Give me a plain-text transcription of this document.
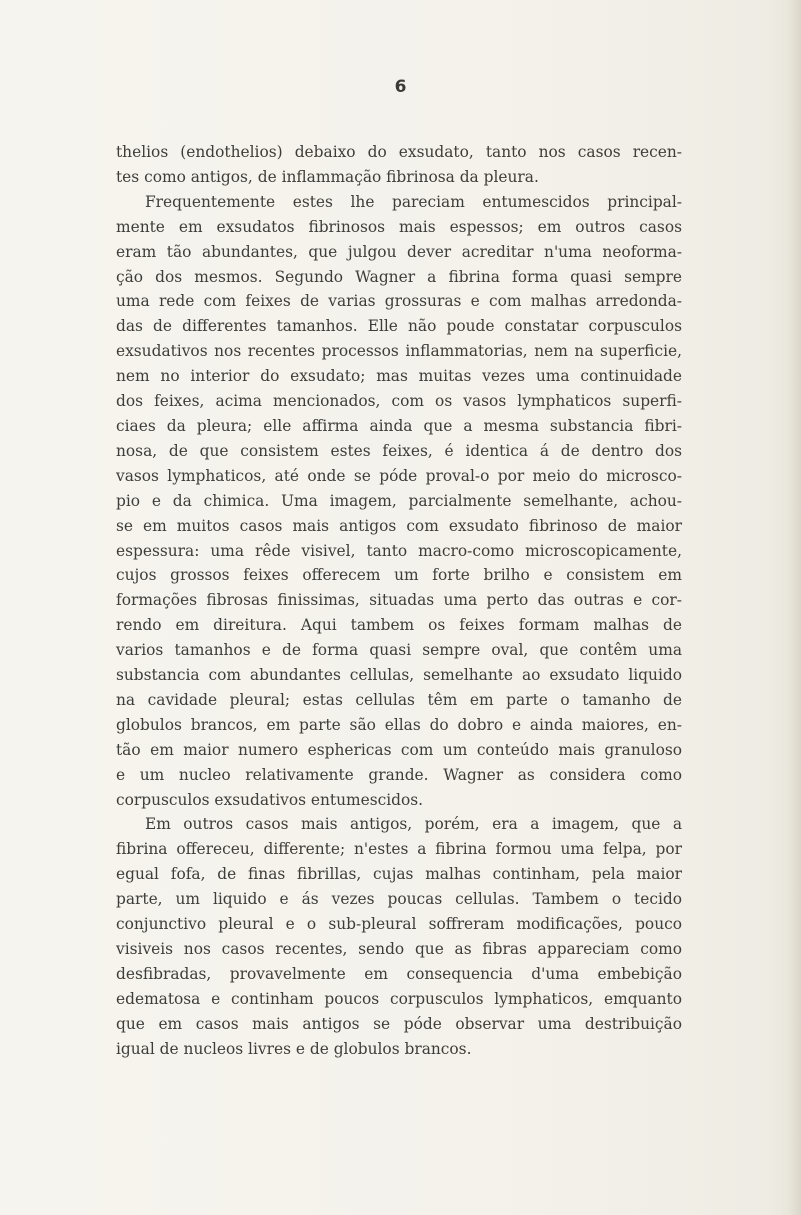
6

thelios (endothelios) debaixo do exsudato, tanto nos casos recen-
tes como antigos, de inflammação fibrinosa da pleura.
Frequentemente estes lhe pareciam entumescidos principal-
mente em exsudatos fibrinosos mais espessos; em outros casos
eram tão abundantes, que julgou dever acreditar n'uma neoforma-
ção dos mesmos. Segundo Wagner a fibrina forma quasi sempre
uma rede com feixes de varias grossuras e com malhas arredonda-
das de differentes tamanhos. Elle não poude constatar corpusculos
exsudativos nos recentes processos inflammatorias, nem na superficie,
nem no interior do exsudato; mas muitas vezes uma continuidade
dos feixes, acima mencionados, com os vasos lymphaticos superfi-
ciaes da pleura; elle affirma ainda que a mesma substancia fibri-
nosa, de que consistem estes feixes, é identica á de dentro dos
vasos lymphaticos, até onde se póde proval-o por meio do microsco-
pio e da chimica. Uma imagem, parcialmente semelhante, achou-
se em muitos casos mais antigos com exsudato fibrinoso de maior
espessura: uma rêde visivel, tanto macro-como microscopicamente,
cujos grossos feixes offerecem um forte brilho e consistem em
formações fibrosas finissimas, situadas uma perto das outras e cor-
rendo em direitura. Aqui tambem os feixes formam malhas de
varios tamanhos e de forma quasi sempre oval, que contêm uma
substancia com abundantes cellulas, semelhante ao exsudato liquido
na cavidade pleural; estas cellulas têm em parte o tamanho de
globulos brancos, em parte são ellas do dobro e ainda maiores, en-
tão em maior numero esphericas com um conteúdo mais granuloso
e um nucleo relativamente grande. Wagner as considera como
corpusculos exsudativos entumescidos.
Em outros casos mais antigos, porém, era a imagem, que a
fibrina offereceu, differente; n'estes a fibrina formou uma felpa, por
egual fofa, de finas fibrillas, cujas malhas continham, pela maior
parte, um liquido e ás vezes poucas cellulas. Tambem o tecido
conjunctivo pleural e o sub-pleural soffreram modificações, pouco
visiveis nos casos recentes, sendo que as fibras appareciam como
desfibradas, provavelmente em consequencia d'uma embebição
edematosa e continham poucos corpusculos lymphaticos, emquanto
que em casos mais antigos se póde observar uma destribuição
igual de nucleos livres e de globulos brancos.
